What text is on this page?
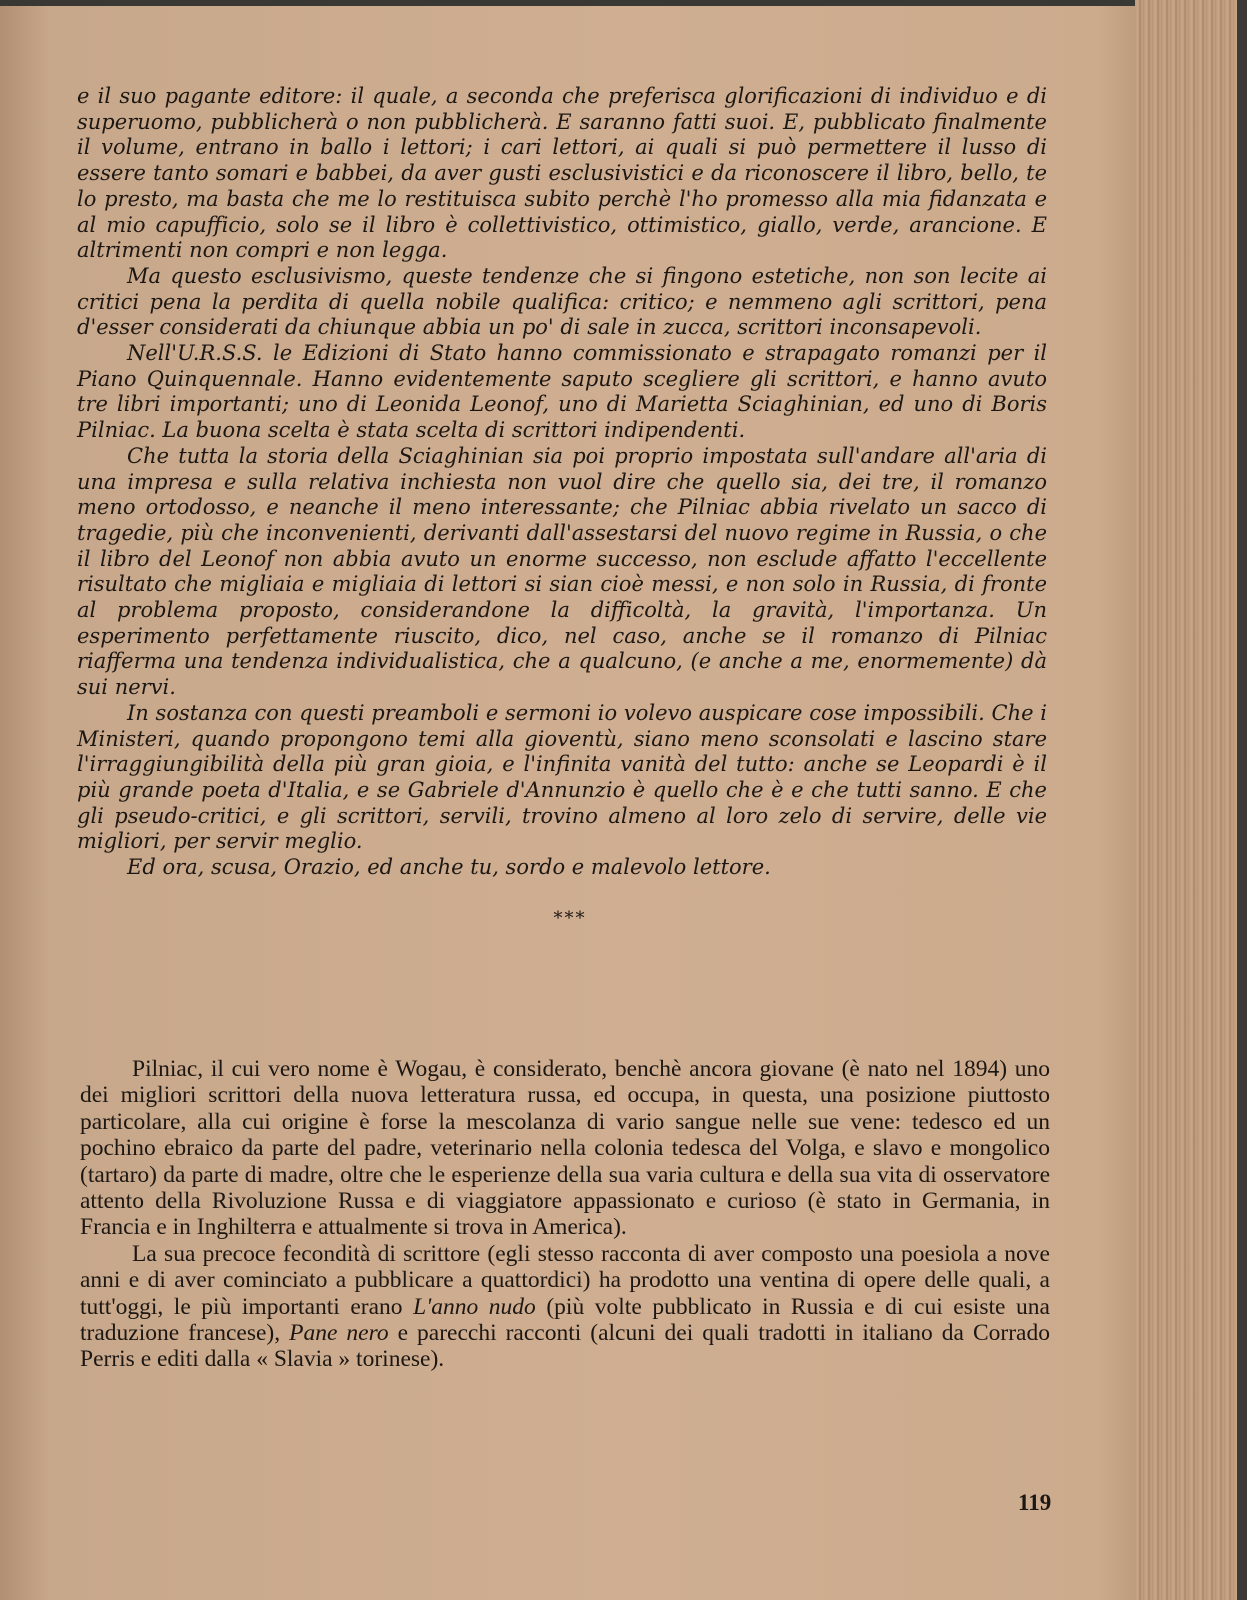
e il suo pagante editore: il quale, a seconda che preferisca glorificazioni di individuo e di superuomo, pubblicherà o non pubblicherà. E saranno fatti suoi. E, pubblicato finalmente il volume, entrano in ballo i lettori; i cari lettori, ai quali si può permettere il lusso di essere tanto somari e babbei, da aver gusti esclusivistici e da riconoscere il libro, bello, te lo presto, ma basta che me lo restituisca subito perchè l'ho promesso alla mia fidanzata e al mio capufficio, solo se il libro è collettivistico, ottimistico, giallo, verde, arancione. E altrimenti non compri e non legga.

Ma questo esclusivismo, queste tendenze che si fingono estetiche, non son lecite ai critici pena la perdita di quella nobile qualifica: critico; e nemmeno agli scrittori, pena d'esser considerati da chiunque abbia un po' di sale in zucca, scrittori inconsapevoli.

Nell'U.R.S.S. le Edizioni di Stato hanno commissionato e strapagato romanzi per il Piano Quinquennale. Hanno evidentemente saputo scegliere gli scrittori, e hanno avuto tre libri importanti; uno di Leonida Leonof, uno di Marietta Sciaghinian, ed uno di Boris Pilniac. La buona scelta è stata scelta di scrittori indipendenti.

Che tutta la storia della Sciaghinian sia poi proprio impostata sull'andare all'aria di una impresa e sulla relativa inchiesta non vuol dire che quello sia, dei tre, il romanzo meno ortodosso, e neanche il meno interessante; che Pilniac abbia rivelato un sacco di tragedie, più che inconvenienti, derivanti dall'assestarsi del nuovo regime in Russia, o che il libro del Leonof non abbia avuto un enorme successo, non esclude affatto l'eccellente risultato che migliaia e migliaia di lettori si sian cioè messi, e non solo in Russia, di fronte al problema proposto, considerandone la difficoltà, la gravità, l'importanza. Un esperimento perfettamente riuscito, dico, nel caso, anche se il romanzo di Pilniac riafferma una tendenza individualistica, che a qualcuno, (e anche a me, enormemente) dà sui nervi.

In sostanza con questi preamboli e sermoni io volevo auspicare cose impossibili. Che i Ministeri, quando propongono temi alla gioventù, siano meno sconsolati e lascino stare l'irraggiungibilità della più gran gioia, e l'infinita vanità del tutto: anche se Leopardi è il più grande poeta d'Italia, e se Gabriele d'Annunzio è quello che è e che tutti sanno. E che gli pseudo-critici, e gli scrittori, servili, trovino almeno al loro zelo di servire, delle vie migliori, per servir meglio.

Ed ora, scusa, Orazio, ed anche tu, sordo e malevolo lettore.

***

Pilniac, il cui vero nome è Wogau, è considerato, benchè ancora giovane (è nato nel 1894) uno dei migliori scrittori della nuova letteratura russa, ed occupa, in questa, una posizione piuttosto particolare, alla cui origine è forse la mescolanza di vario sangue nelle sue vene: tedesco ed un pochino ebraico da parte del padre, veterinario nella colonia tedesca del Volga, e slavo e mongolico (tartaro) da parte di madre, oltre che le esperienze della sua varia cultura e della sua vita di osservatore attento della Rivoluzione Russa e di viaggiatore appassionato e curioso (è stato in Germania, in Francia e in Inghilterra e attualmente si trova in America).

La sua precoce fecondità di scrittore (egli stesso racconta di aver composto una poesiola a nove anni e di aver cominciato a pubblicare a quattordici) ha prodotto una ventina di opere delle quali, a tutt'oggi, le più importanti erano L'anno nudo (più volte pubblicato in Russia e di cui esiste una traduzione francese), Pane nero e parecchi racconti (alcuni dei quali tradotti in italiano da Corrado Perris e editi dalla « Slavia » torinese).

119
